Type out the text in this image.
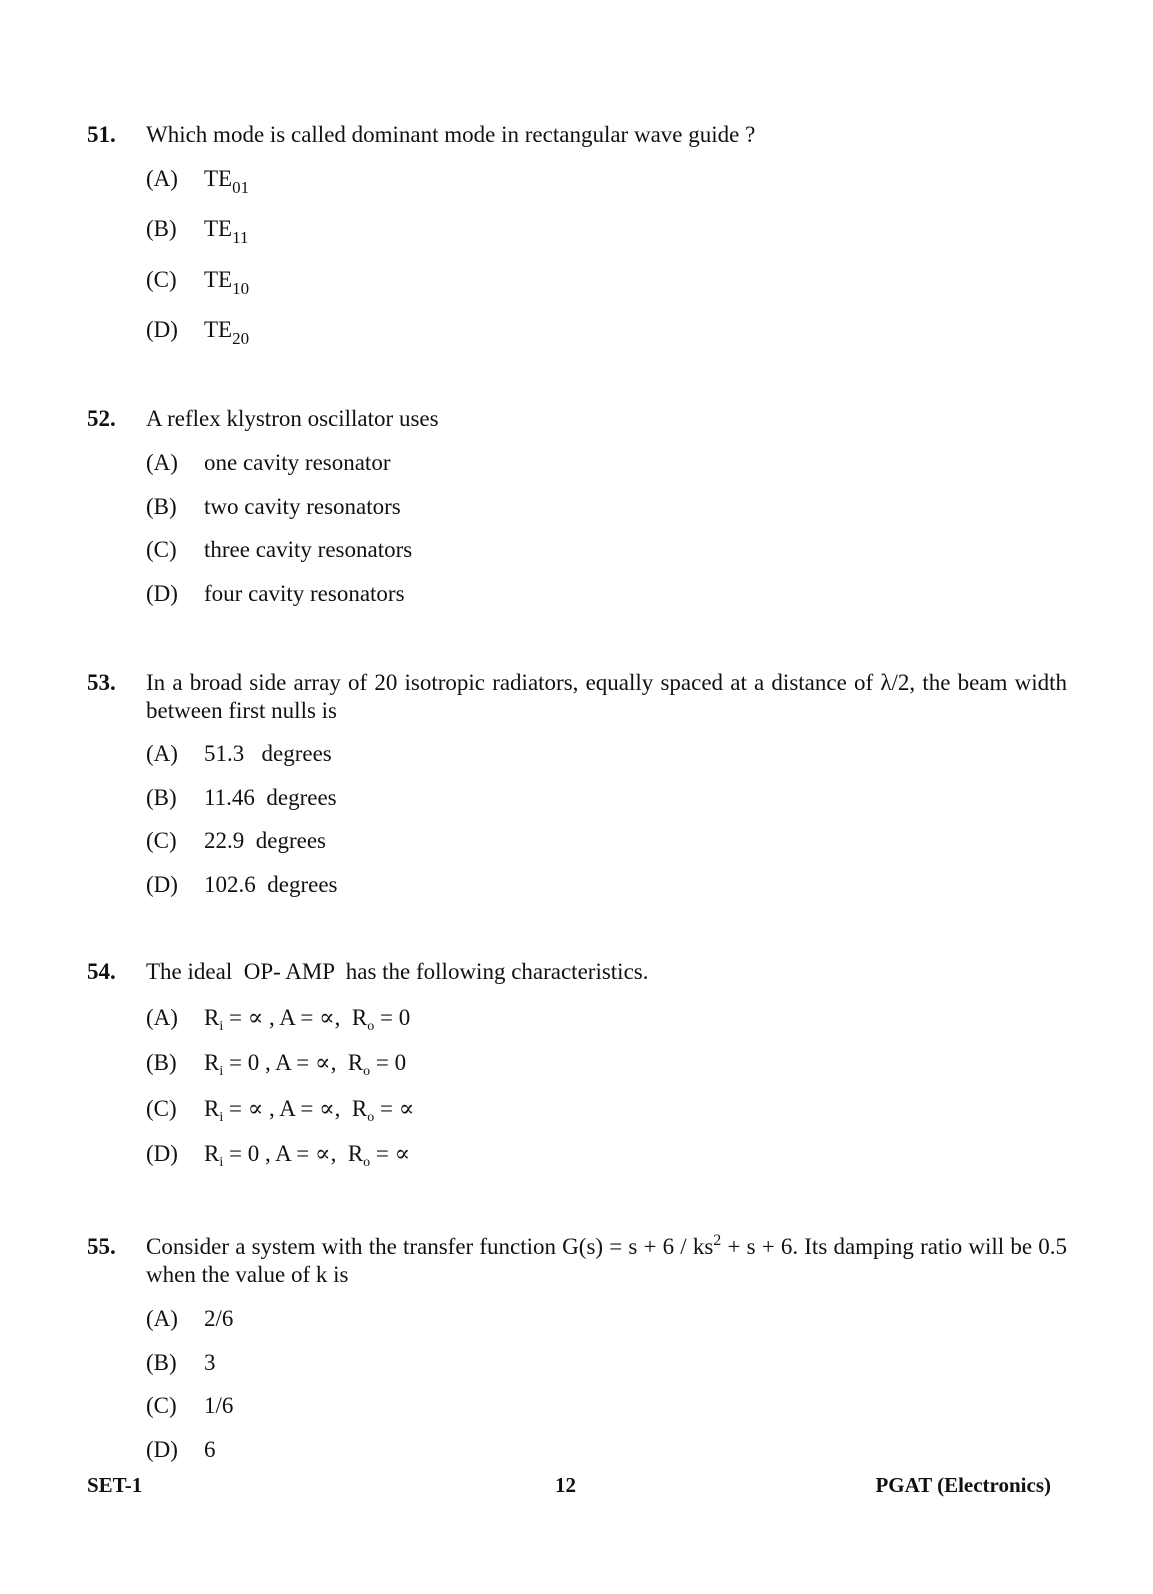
51. Which mode is called dominant mode in rectangular wave guide ?
(A) $TE_{01}$
(B) $TE_{11}$
(C) $TE_{10}$
(D) $TE_{20}$
52. A reflex klystron oscillator uses
(A) one cavity resonator
(B) two cavity resonators
(C) three cavity resonators
(D) four cavity resonators
53. In a broad side array of 20 isotropic radiators, equally spaced at a distance of λ/2, the beam width between first nulls is
(A) 51.3   degrees
(B) 11.46  degrees
(C) 22.9  degrees
(D) 102.6  degrees
54. The ideal  OP- AMP  has the following characteristics.
(A) $R_i$ = ∝ , A = ∝,  $R_o = 0$
(B) $R_i = 0$ , A = ∝,  $R_o = 0$
(C) $R_i$ = ∝ , A = ∝,  $R_o$ = ∝
(D) $R_i = 0$ , A = ∝,  $R_o$ = ∝
55. Consider a system with the transfer function $G(s) = s + 6 / ks^2 + s + 6$. Its damping ratio will be 0.5 when the value of k is
(A) 2/6
(B) 3
(C) 1/6
(D) 6
SET-1	12	PGAT (Electronics)
